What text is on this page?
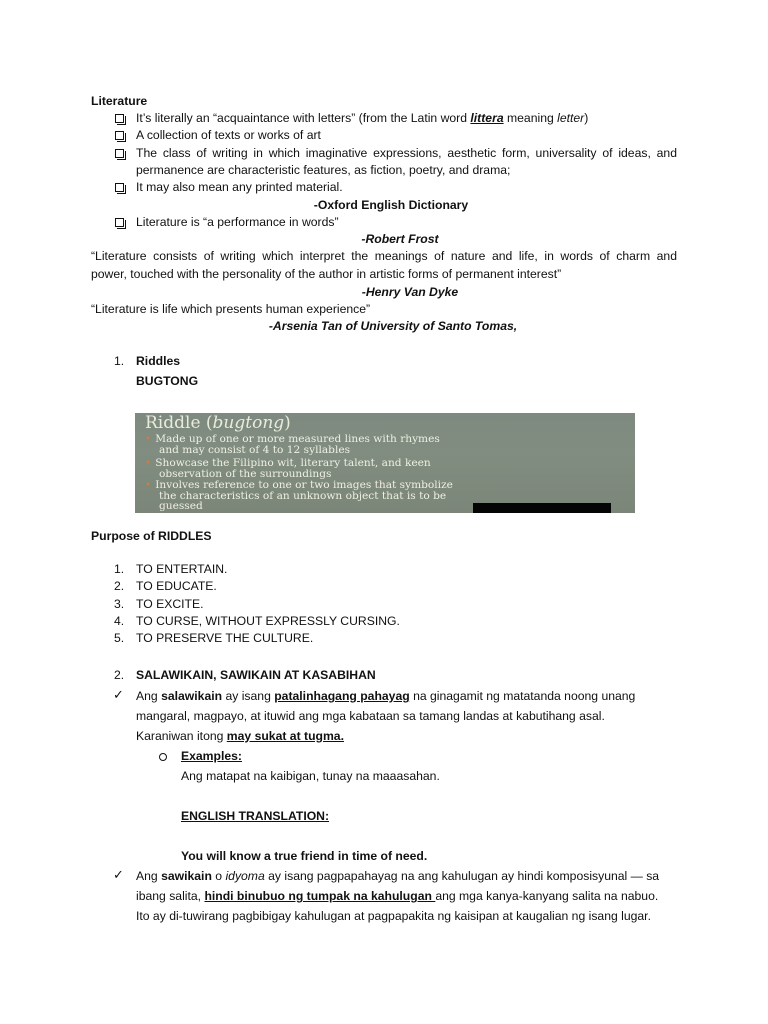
Literature
It’s literally an “acquaintance with letters” (from the Latin word littera meaning letter)
A collection of texts or works of art
The class of writing in which imaginative expressions, aesthetic form, universality of ideas, and
permanence are characteristic features, as fiction, poetry, and drama;
It may also mean any printed material.
-Oxford English Dictionary
Literature is “a performance in words”
-Robert Frost
“Literature consists of writing which interpret the meanings of nature and life, in words of charm and
power, touched with the personality of the author in artistic forms of permanent interest”
-Henry Van Dyke
“Literature is life which presents human experience”
-Arsenia Tan of University of Santo Tomas,
1. Riddles
BUGTONG
Riddle (bugtong)
• Made up of one or more measured lines with rhymes
and may consist of 4 to 12 syllables
• Showcase the Filipino wit, literary talent, and keen
observation of the surroundings
• Involves reference to one or two images that symbolize
the characteristics of an unknown object that is to be
guessed
Purpose of RIDDLES
1. TO ENTERTAIN.
2. TO EDUCATE.
3. TO EXCITE.
4. TO CURSE, WITHOUT EXPRESSLY CURSING.
5. TO PRESERVE THE CULTURE.
2. SALAWIKAIN, SAWIKAIN AT KASABIHAN
✓ Ang salawikain ay isang patalinhagang pahayag na ginagamit ng matatanda noong unang
mangaral, magpayo, at ituwid ang mga kabataan sa tamang landas at kabutihang asal.
Karaniwan itong may sukat at tugma.
Examples:
Ang matapat na kaibigan, tunay na maaasahan.
ENGLISH TRANSLATION:
You will know a true friend in time of need.
✓ Ang sawikain o idyoma ay isang pagpapahayag na ang kahulugan ay hindi komposisyunal — sa
ibang salita, hindi binubuo ng tumpak na kahulugan ang mga kanya-kanyang salita na nabuo.
Ito ay di-tuwirang pagbibigay kahulugan at pagpapakita ng kaisipan at kaugalian ng isang lugar.
